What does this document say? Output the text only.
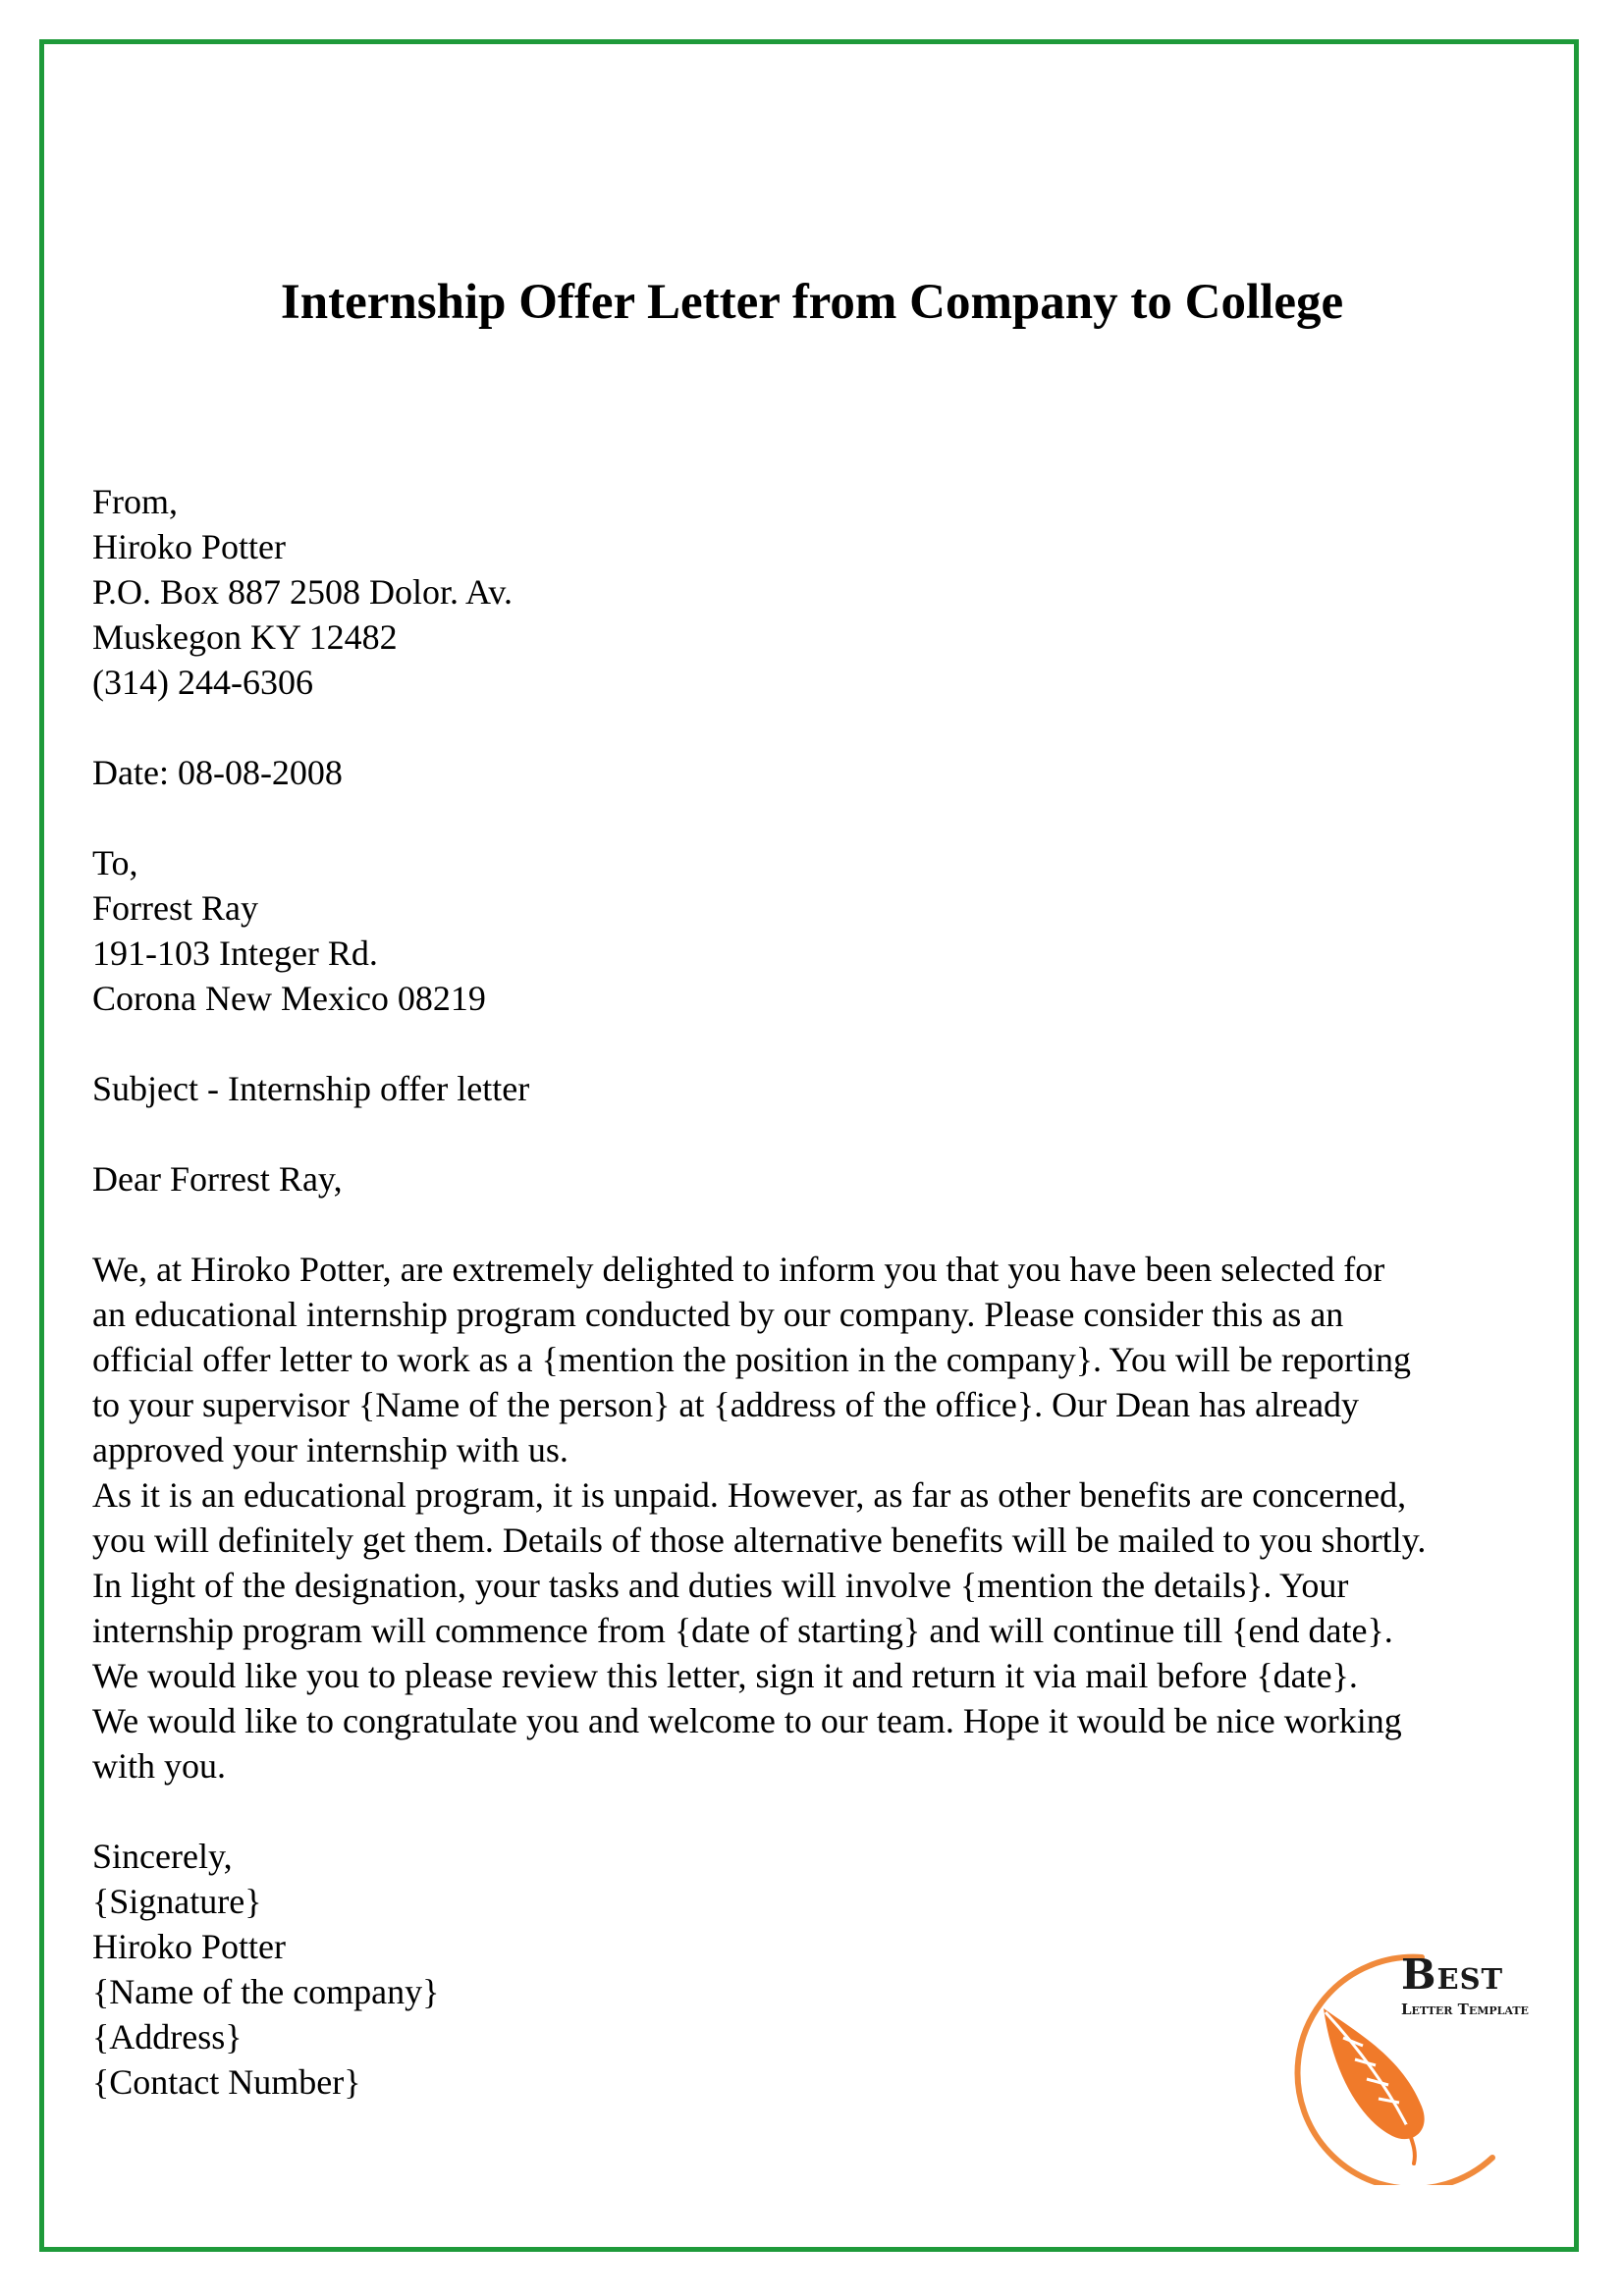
Internship Offer Letter from Company to College
From,
Hiroko Potter
P.O. Box 887 2508 Dolor. Av.
Muskegon KY 12482
(314) 244-6306
Date: 08-08-2008
To,
Forrest Ray
191-103 Integer Rd.
Corona New Mexico 08219
Subject - Internship offer letter
Dear Forrest Ray,
We, at Hiroko Potter, are extremely delighted to inform you that you have been selected for
an educational internship program conducted by our company. Please consider this as an
official offer letter to work as a {mention the position in the company}. You will be reporting
to your supervisor {Name of the person} at {address of the office}. Our Dean has already
approved your internship with us.
As it is an educational program, it is unpaid. However, as far as other benefits are concerned,
you will definitely get them. Details of those alternative benefits will be mailed to you shortly.
In light of the designation, your tasks and duties will involve {mention the details}. Your
internship program will commence from {date of starting} and will continue till {end date}.
We would like you to please review this letter, sign it and return it via mail before {date}.
We would like to congratulate you and welcome to our team. Hope it would be nice working
with you.
Sincerely,
{Signature}
Hiroko Potter
{Name of the company}
{Address}
{Contact Number}
Best
Letter Template
